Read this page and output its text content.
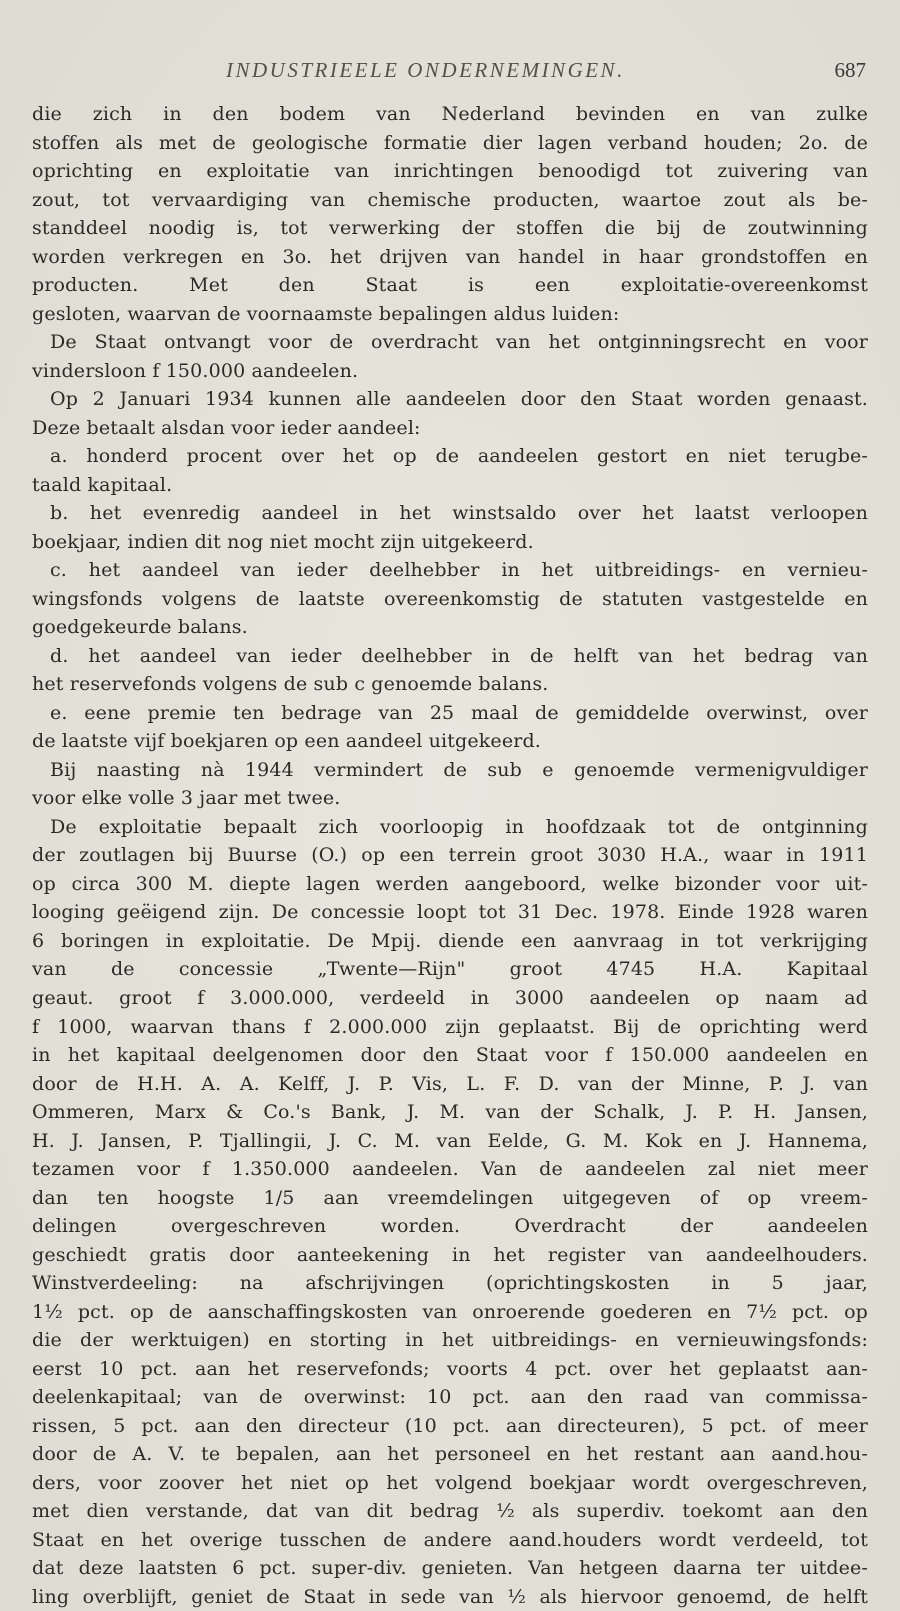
INDUSTRIEELE ONDERNEMINGEN.	687
die zich in den bodem van Nederland bevinden en van zulke
stoffen als met de geologische formatie dier lagen verband houden; 2o. de
oprichting en exploitatie van inrichtingen benoodigd tot zuivering van
zout, tot vervaardiging van chemische producten, waartoe zout als be-
standdeel noodig is, tot verwerking der stoffen die bij de zoutwinning
worden verkregen en 3o. het drijven van handel in haar grondstoffen en
producten. Met den Staat is een exploitatie-overeenkomst
gesloten, waarvan de voornaamste bepalingen aldus luiden:
De Staat ontvangt voor de overdracht van het ontginningsrecht en voor
vindersloon f 150.000 aandeelen.
Op 2 Januari 1934 kunnen alle aandeelen door den Staat worden genaast.
Deze betaalt alsdan voor ieder aandeel:
a. honderd procent over het op de aandeelen gestort en niet terugbe-
taald kapitaal.
b. het evenredig aandeel in het winstsaldo over het laatst verloopen
boekjaar, indien dit nog niet mocht zijn uitgekeerd.
c. het aandeel van ieder deelhebber in het uitbreidings- en vernieu-
wingsfonds volgens de laatste overeenkomstig de statuten vastgestelde en
goedgekeurde balans.
d. het aandeel van ieder deelhebber in de helft van het bedrag van
het reservefonds volgens de sub c genoemde balans.
e. eene premie ten bedrage van 25 maal de gemiddelde overwinst, over
de laatste vijf boekjaren op een aandeel uitgekeerd.
Bij naasting nà 1944 vermindert de sub e genoemde vermenigvuldiger
voor elke volle 3 jaar met twee.
De exploitatie bepaalt zich voorloopig in hoofdzaak tot de ontginning
der zoutlagen bij Buurse (O.) op een terrein groot 3030 H.A., waar in 1911
op circa 300 M. diepte lagen werden aangeboord, welke bizonder voor uit-
looging geëigend zijn. De concessie loopt tot 31 Dec. 1978. Einde 1928 waren
6 boringen in exploitatie. De Mpij. diende een aanvraag in tot verkrijging
van de concessie „Twente—Rijn" groot 4745 H.A. Kapitaal
geaut. groot f 3.000.000, verdeeld in 3000 aandeelen op naam ad
f 1000, waarvan thans f 2.000.000 zijn geplaatst. Bij de oprichting werd
in het kapitaal deelgenomen door den Staat voor f 150.000 aandeelen en
door de H.H. A. A. Kelff, J. P. Vis, L. F. D. van der Minne, P. J. van
Ommeren, Marx & Co.'s Bank, J. M. van der Schalk, J. P. H. Jansen,
H. J. Jansen, P. Tjallingii, J. C. M. van Eelde, G. M. Kok en J. Hannema,
tezamen voor f 1.350.000 aandeelen. Van de aandeelen zal niet meer
dan ten hoogste 1/5 aan vreemdelingen uitgegeven of op vreem-
delingen overgeschreven worden. Overdracht der aandeelen
geschiedt gratis door aanteekening in het register van aandeelhouders.
Winstverdeeling: na afschrijvingen (oprichtingskosten in 5 jaar,
1½ pct. op de aanschaffingskosten van onroerende goederen en 7½ pct. op
die der werktuigen) en storting in het uitbreidings- en vernieuwingsfonds:
eerst 10 pct. aan het reservefonds; voorts 4 pct. over het geplaatst aan-
deelenkapitaal; van de overwinst: 10 pct. aan den raad van commissa-
rissen, 5 pct. aan den directeur (10 pct. aan directeuren), 5 pct. of meer
door de A. V. te bepalen, aan het personeel en het restant aan aand.hou-
ders, voor zoover het niet op het volgend boekjaar wordt overgeschreven,
met dien verstande, dat van dit bedrag ½ als superdiv. toekomt aan den
Staat en het overige tusschen de andere aand.houders wordt verdeeld, tot
dat deze laatsten 6 pct. super-div. genieten. Van hetgeen daarna ter uitdee-
ling overblijft, geniet de Staat in sede van ½ als hiervoor genoemd, de helft
